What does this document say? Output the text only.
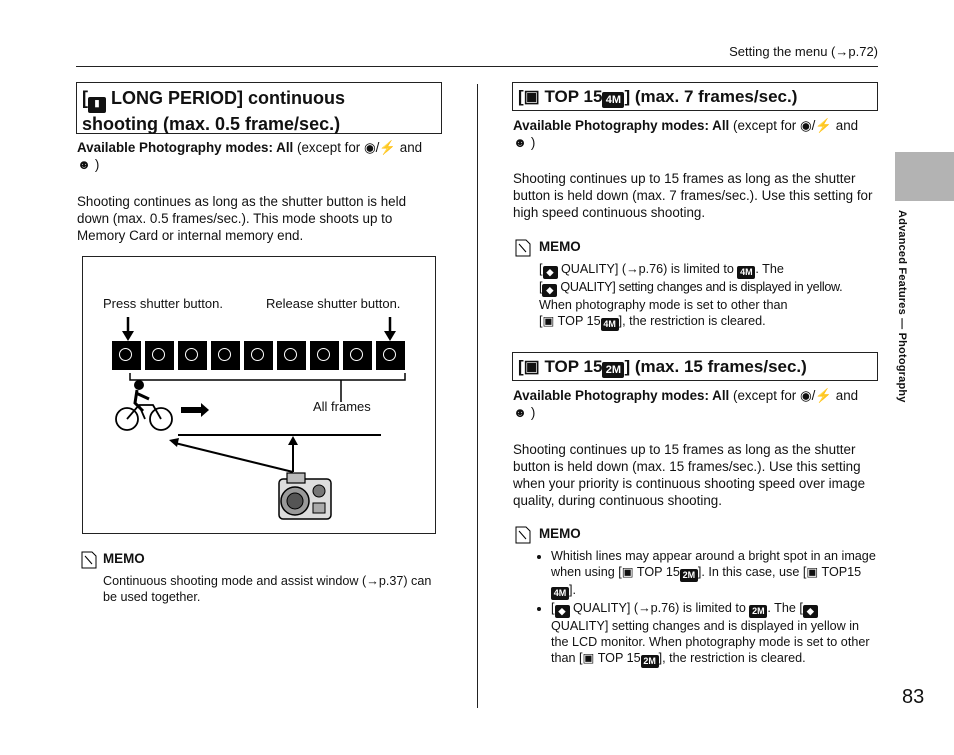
Setting the menu (→p.72)
[ ▮ LONG PERIOD] continuous
shooting (max. 0.5 frame/sec.)
Available Photography modes: All (except for ◉/⚡ and
☻ )
Shooting continues as long as the shutter button is held down (max. 0.5 frames/sec.). This mode shoots up to Memory Card or internal memory end.
Press shutter button.	Release shutter button.
All frames
MEMO
Continuous shooting mode and assist window (→p.37) can be used together.
[▣ TOP 15 4M ] (max. 7 frames/sec.)
Available Photography modes: All (except for ◉/⚡ and
☻ )
Shooting continues up to 15 frames as long as the shutter button is held down (max. 7 frames/sec.). Use this setting for high speed continuous shooting.
MEMO
[ ◆ QUALITY] (→p.76) is limited to 4M . The
[ ◆ QUALITY] setting changes and is displayed in yellow.
When photography mode is set to other than
[▣ TOP 15 4M ], the restriction is cleared.
[▣ TOP 15 2M ] (max. 15 frames/sec.)
Available Photography modes: All (except for ◉/⚡ and
☻ )
Shooting continues up to 15 frames as long as the shutter button is held down (max. 15 frames/sec.). Use this setting when your priority is continuous shooting speed over image quality, during continuous shooting.
MEMO
• Whitish lines may appear around a bright spot in an image when using [▣ TOP 15 2M ]. In this case, use [▣ TOP154M ].
• [ ◆ QUALITY] (→p.76) is limited to 2M . The [ ◆ QUALITY] setting changes and is displayed in yellow in the LCD monitor. When photography mode is set to other than [▣ TOP 15 2M ], the restriction is cleared.
Advanced Features — Photography
83
